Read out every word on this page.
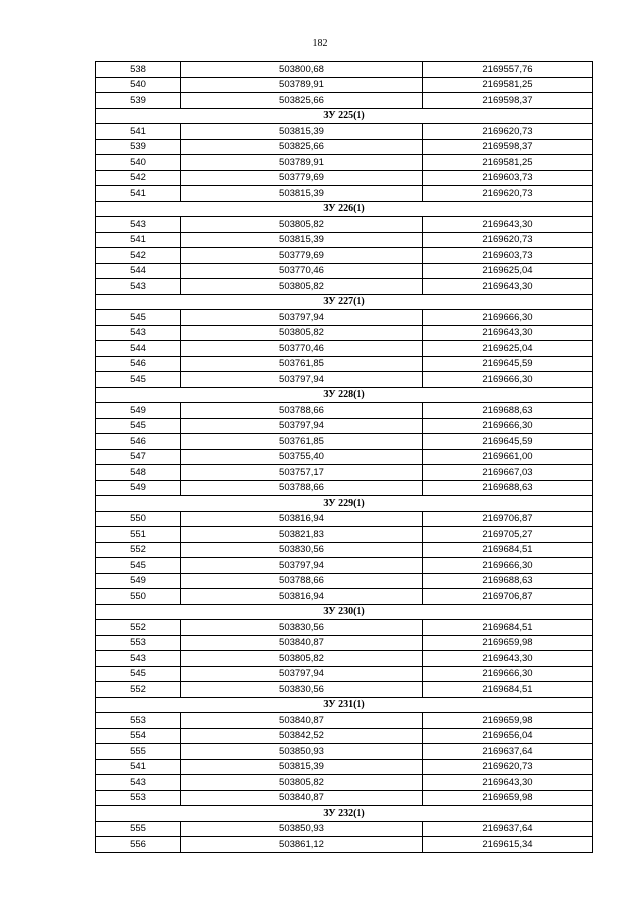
182
538	503800,68	2169557,76
540	503789,91	2169581,25
539	503825,66	2169598,37
ЗУ 225(1)		
541	503815,39	2169620,73
539	503825,66	2169598,37
540	503789,91	2169581,25
542	503779,69	2169603,73
541	503815,39	2169620,73
ЗУ 226(1)		
543	503805,82	2169643,30
541	503815,39	2169620,73
542	503779,69	2169603,73
544	503770,46	2169625,04
543	503805,82	2169643,30
ЗУ 227(1)		
545	503797,94	2169666,30
543	503805,82	2169643,30
544	503770,46	2169625,04
546	503761,85	2169645,59
545	503797,94	2169666,30
ЗУ 228(1)		
549	503788,66	2169688,63
545	503797,94	2169666,30
546	503761,85	2169645,59
547	503755,40	2169661,00
548	503757,17	2169667,03
549	503788,66	2169688,63
ЗУ 229(1)		
550	503816,94	2169706,87
551	503821,83	2169705,27
552	503830,56	2169684,51
545	503797,94	2169666,30
549	503788,66	2169688,63
550	503816,94	2169706,87
ЗУ 230(1)		
552	503830,56	2169684,51
553	503840,87	2169659,98
543	503805,82	2169643,30
545	503797,94	2169666,30
552	503830,56	2169684,51
ЗУ 231(1)		
553	503840,87	2169659,98
554	503842,52	2169656,04
555	503850,93	2169637,64
541	503815,39	2169620,73
543	503805,82	2169643,30
553	503840,87	2169659,98
ЗУ 232(1)		
555	503850,93	2169637,64
556	503861,12	2169615,34
